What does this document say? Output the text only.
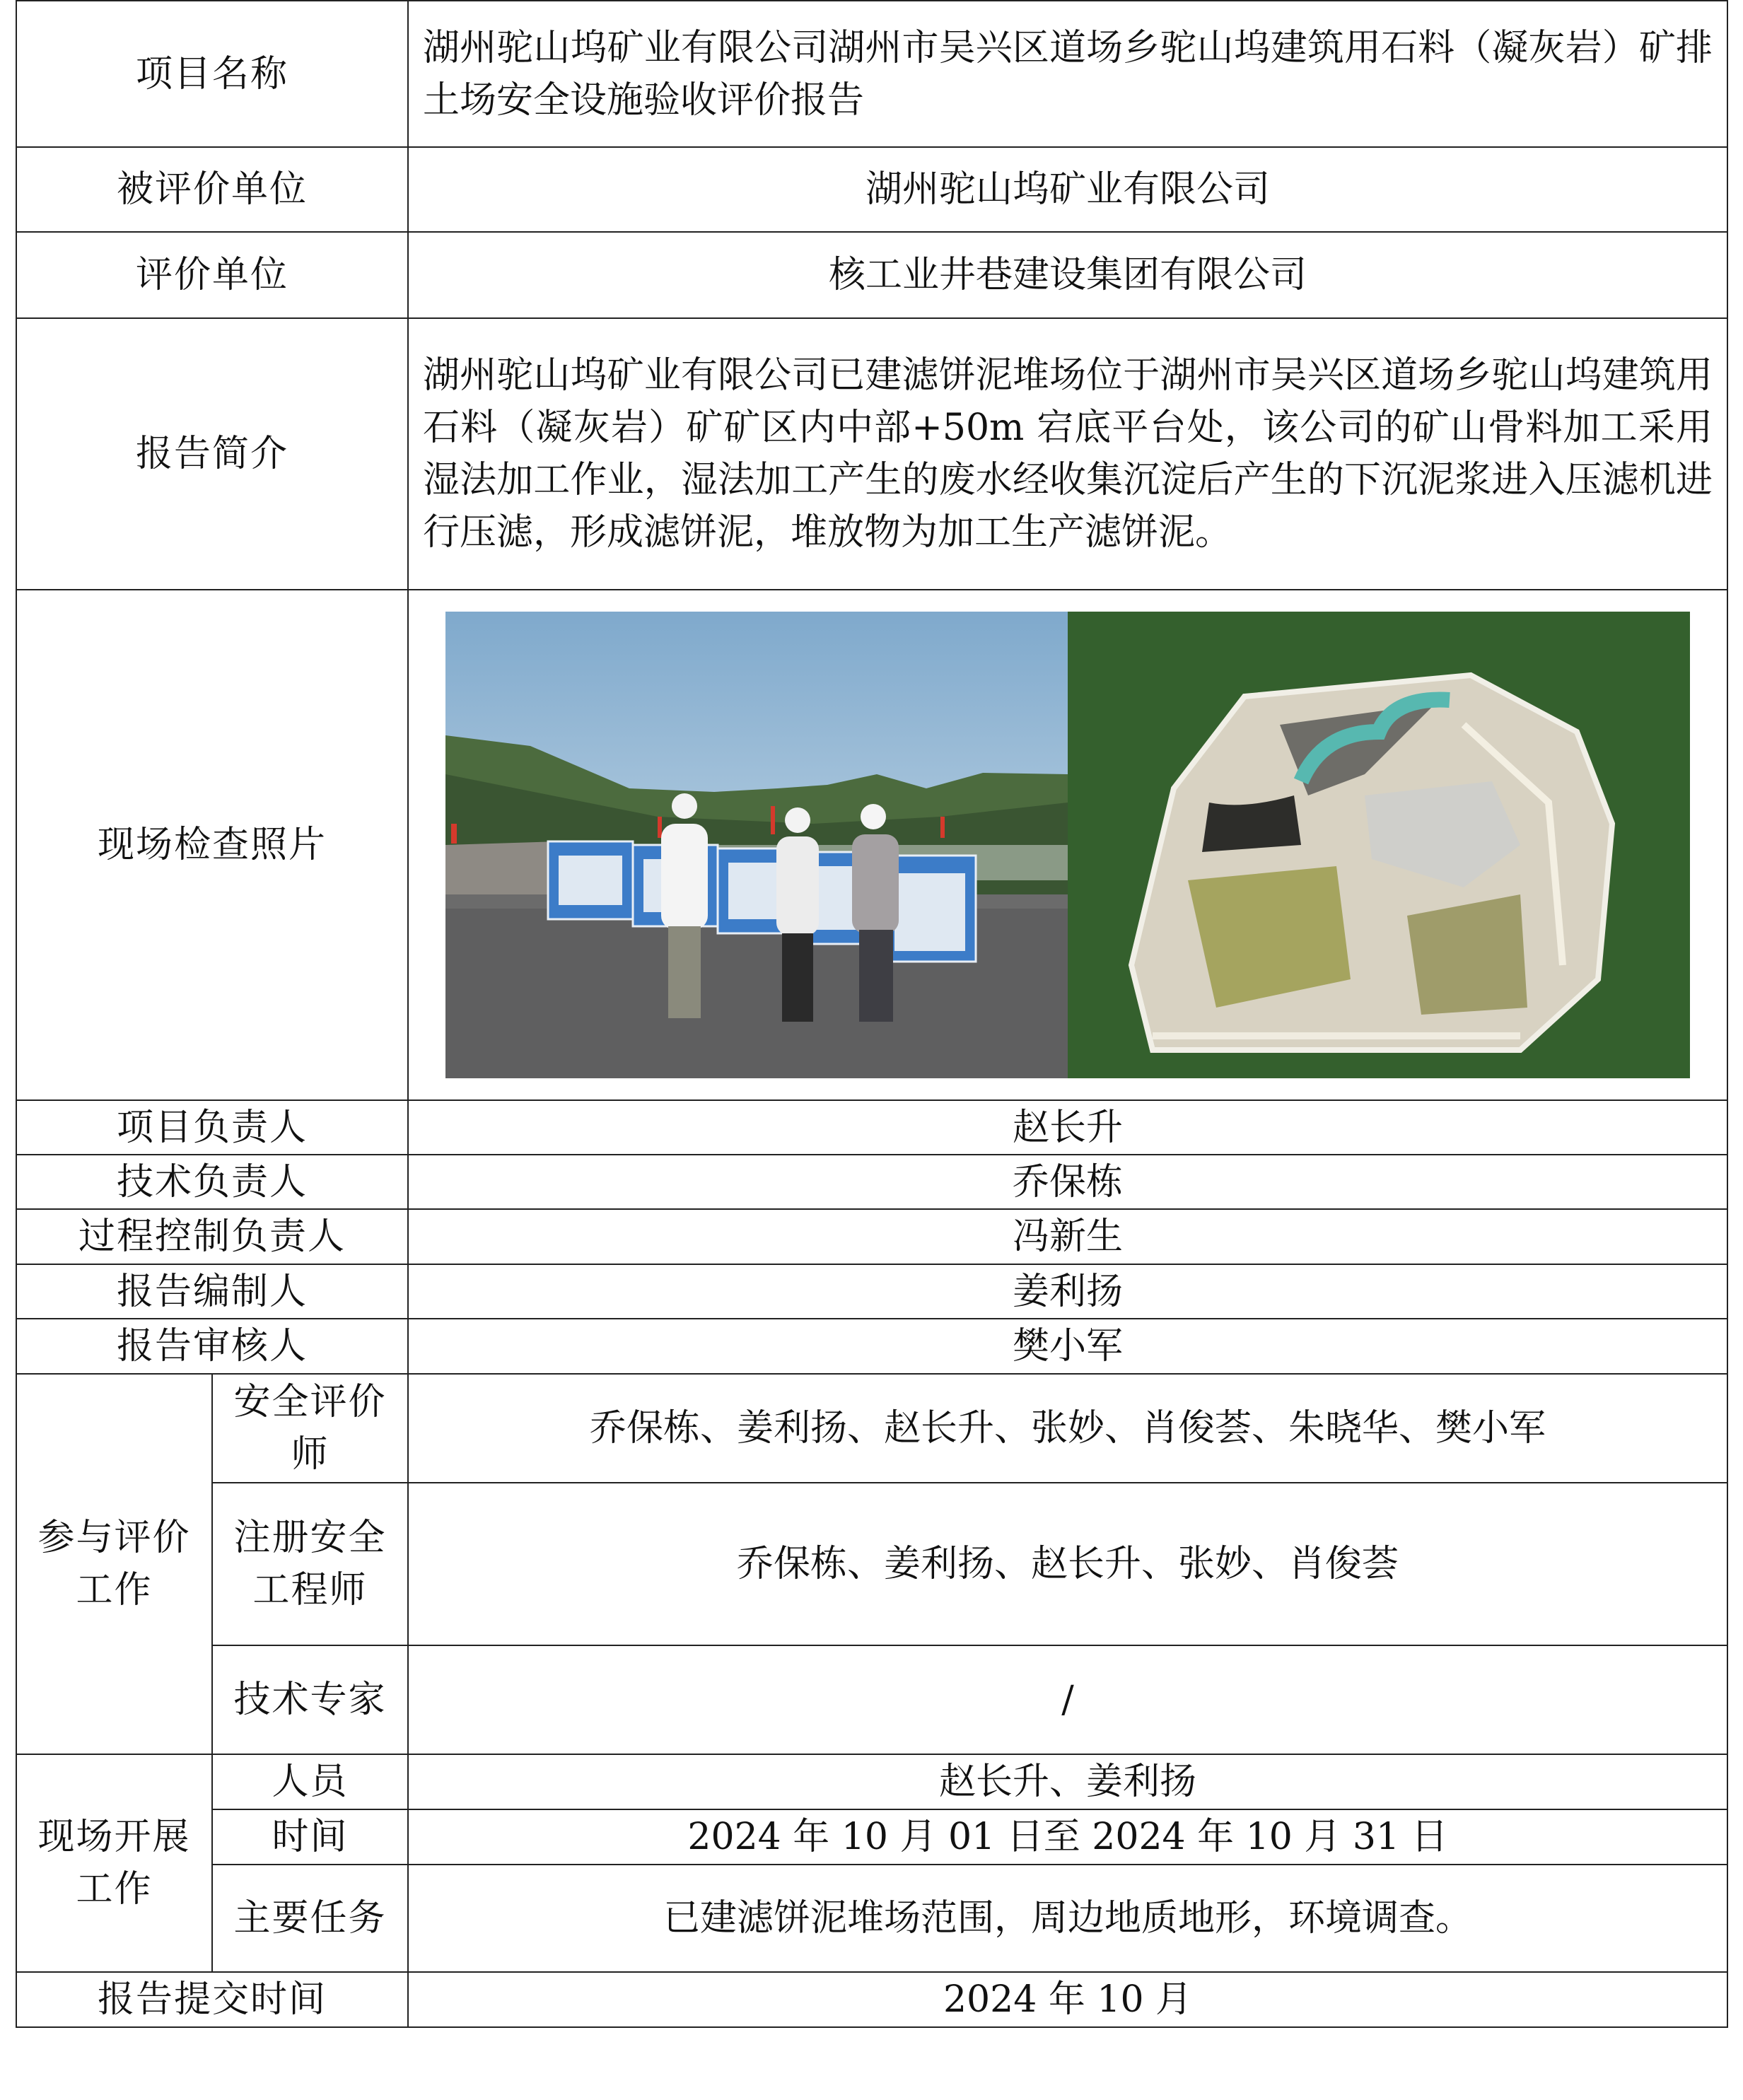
项目名称		湖州驼山坞矿业有限公司湖州市吴兴区道场乡驼山坞建筑用石料（凝灰岩）矿排土场安全设施验收评价报告
被评价单位		湖州驼山坞矿业有限公司
评价单位		核工业井巷建设集团有限公司
报告简介		湖州驼山坞矿业有限公司已建滤饼泥堆场位于湖州市吴兴区道场乡驼山坞建筑用石料（凝灰岩）矿矿区内中部+50m 宕底平台处，该公司的矿山骨料加工采用湿法加工作业，湿法加工产生的废水经收集沉淀后产生的下沉泥浆进入压滤机进行压滤，形成滤饼泥，堆放物为加工生产滤饼泥。
现场检查照片	

项目负责人		赵长升
技术负责人		乔保栋
过程控制负责人		冯新生
报告编制人		姜利扬
报告审核人		樊小军
参与评价工作	安全评价师	乔保栋、姜利扬、赵长升、张妙、肖俊荟、朱晓华、樊小军
	注册安全工程师	乔保栋、姜利扬、赵长升、张妙、肖俊荟
	技术专家	/
现场开展工作	人员	赵长升、姜利扬
	时间	2024 年 10 月 01 日至 2024 年 10 月 31 日
	主要任务	已建滤饼泥堆场范围，周边地质地形，环境调查。
报告提交时间		2024 年 10 月
